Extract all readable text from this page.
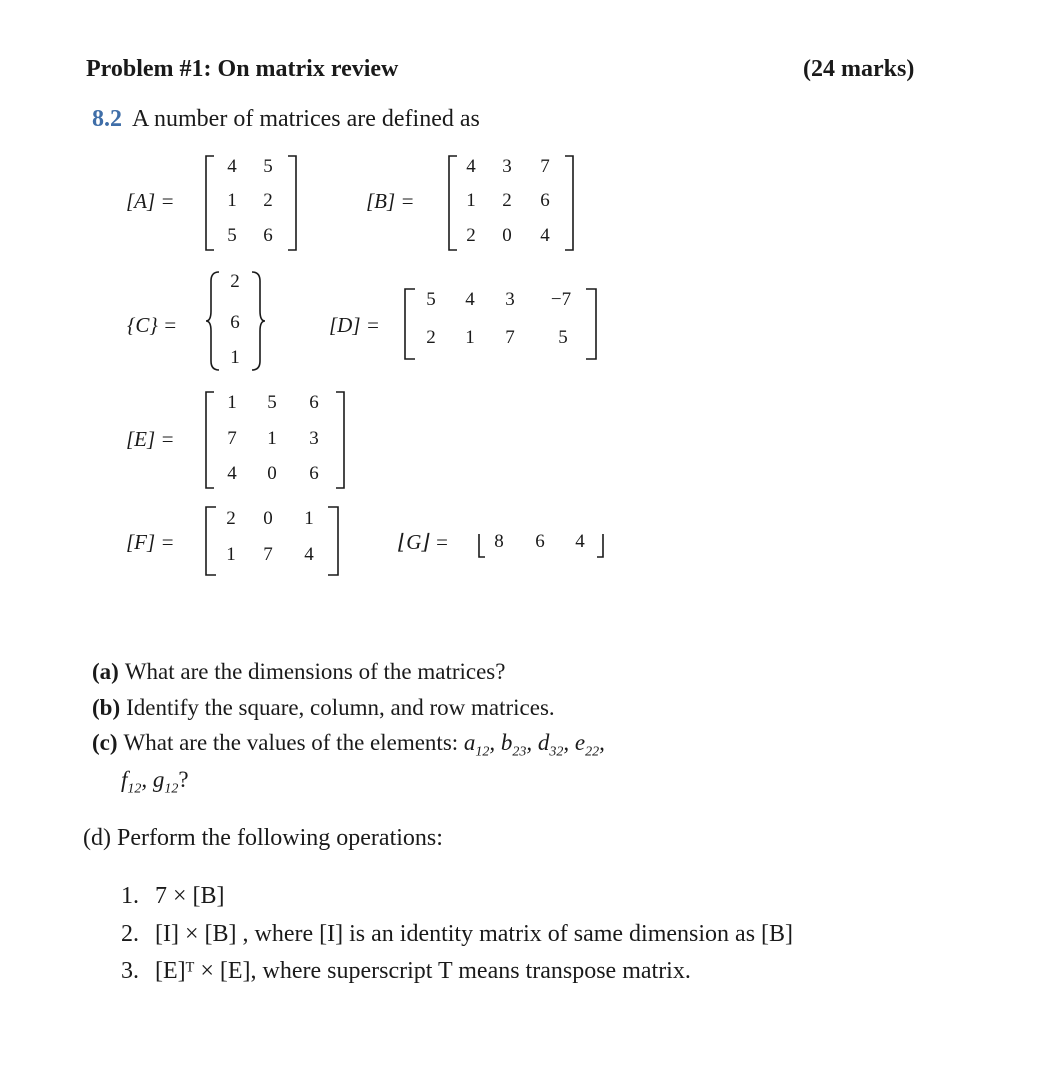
Problem #1: On matrix review	(24 marks)
8.2 A number of matrices are defined as
[A] =
4	5
1	2
5	6
[B] =
4	3	7
1	2	6
2	0	4
{C} =
2
6
1
[D] =
5	4	3	−7
2	1	7	5
[E] =
1	5	6
7	1	3
4	0	6
[F] =
2	0	1
1	7	4
⌊G⌋ =	8	6	4
(a) What are the dimensions of the matrices?
(b) Identify the square, column, and row matrices.
(c) What are the values of the elements: $a_{12}$, $b_{23}$, $d_{32}$, $e_{22}$,
$f_{12}$, $g_{12}$?
(d) Perform the following operations:
1. 7 × [B]
2. [I] × [B] , where [I] is an identity matrix of same dimension as [B]
3. [E]ᵀ × [E], where superscript T means transpose matrix.
